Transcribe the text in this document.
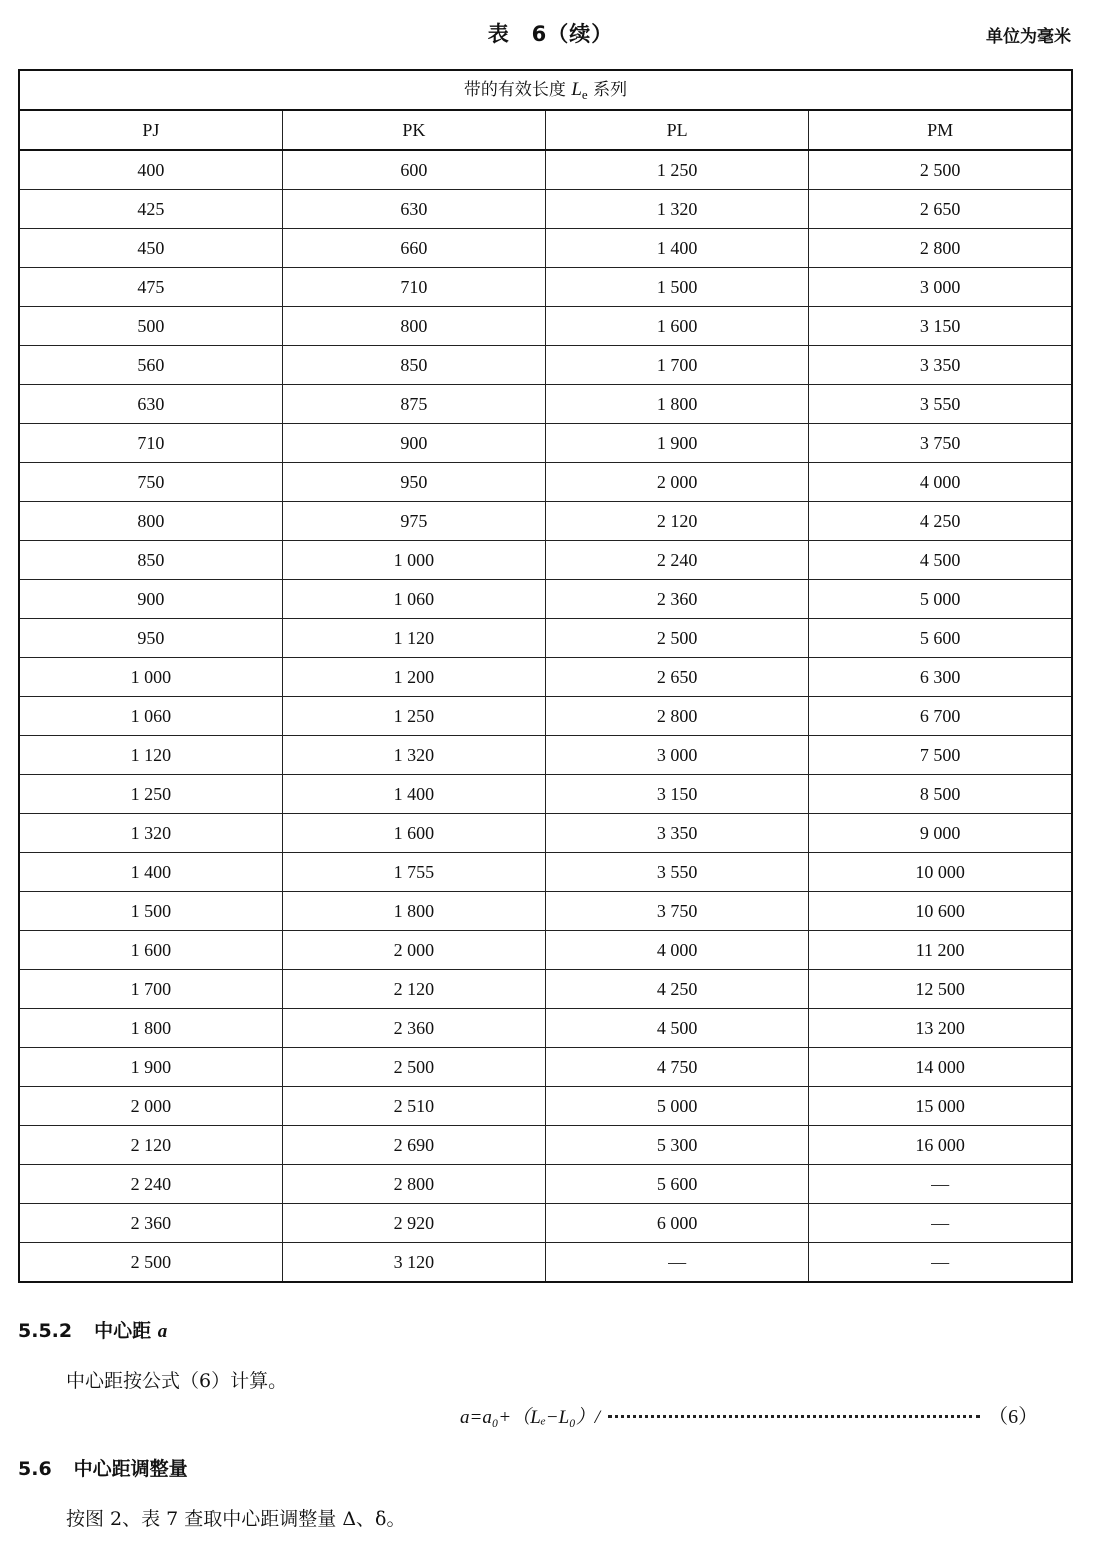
表　6（续）	单位为毫米
带的有效长度 $L_e$ 系列			
PJ	PK	PL	PM
400	600	1 250	2 500
425	630	1 320	2 650
450	660	1 400	2 800
475	710	1 500	3 000
500	800	1 600	3 150
560	850	1 700	3 350
630	875	1 800	3 550
710	900	1 900	3 750
750	950	2 000	4 000
800	975	2 120	4 250
850	1 000	2 240	4 500
900	1 060	2 360	5 000
950	1 120	2 500	5 600
1 000	1 200	2 650	6 300
1 060	1 250	2 800	6 700
1 120	1 320	3 000	7 500
1 250	1 400	3 150	8 500
1 320	1 600	3 350	9 000
1 400	1 755	3 550	10 000
1 500	1 800	3 750	10 600
1 600	2 000	4 000	11 200
1 700	2 120	4 250	12 500
1 800	2 360	4 500	13 200
1 900	2 500	4 750	14 000
2 000	2 510	5 000	15 000
2 120	2 690	5 300	16 000
2 240	2 800	5 600	—
2 360	2 920	6 000	—
2 500	3 120	—	—
5.5.2 中心距 a
中心距按公式（6）计算。
a=a₀+（Lₑ−L₀）/	（6）
5.6 中心距调整量
按图 2、表 7 查取中心距调整量 Δ、δ。
